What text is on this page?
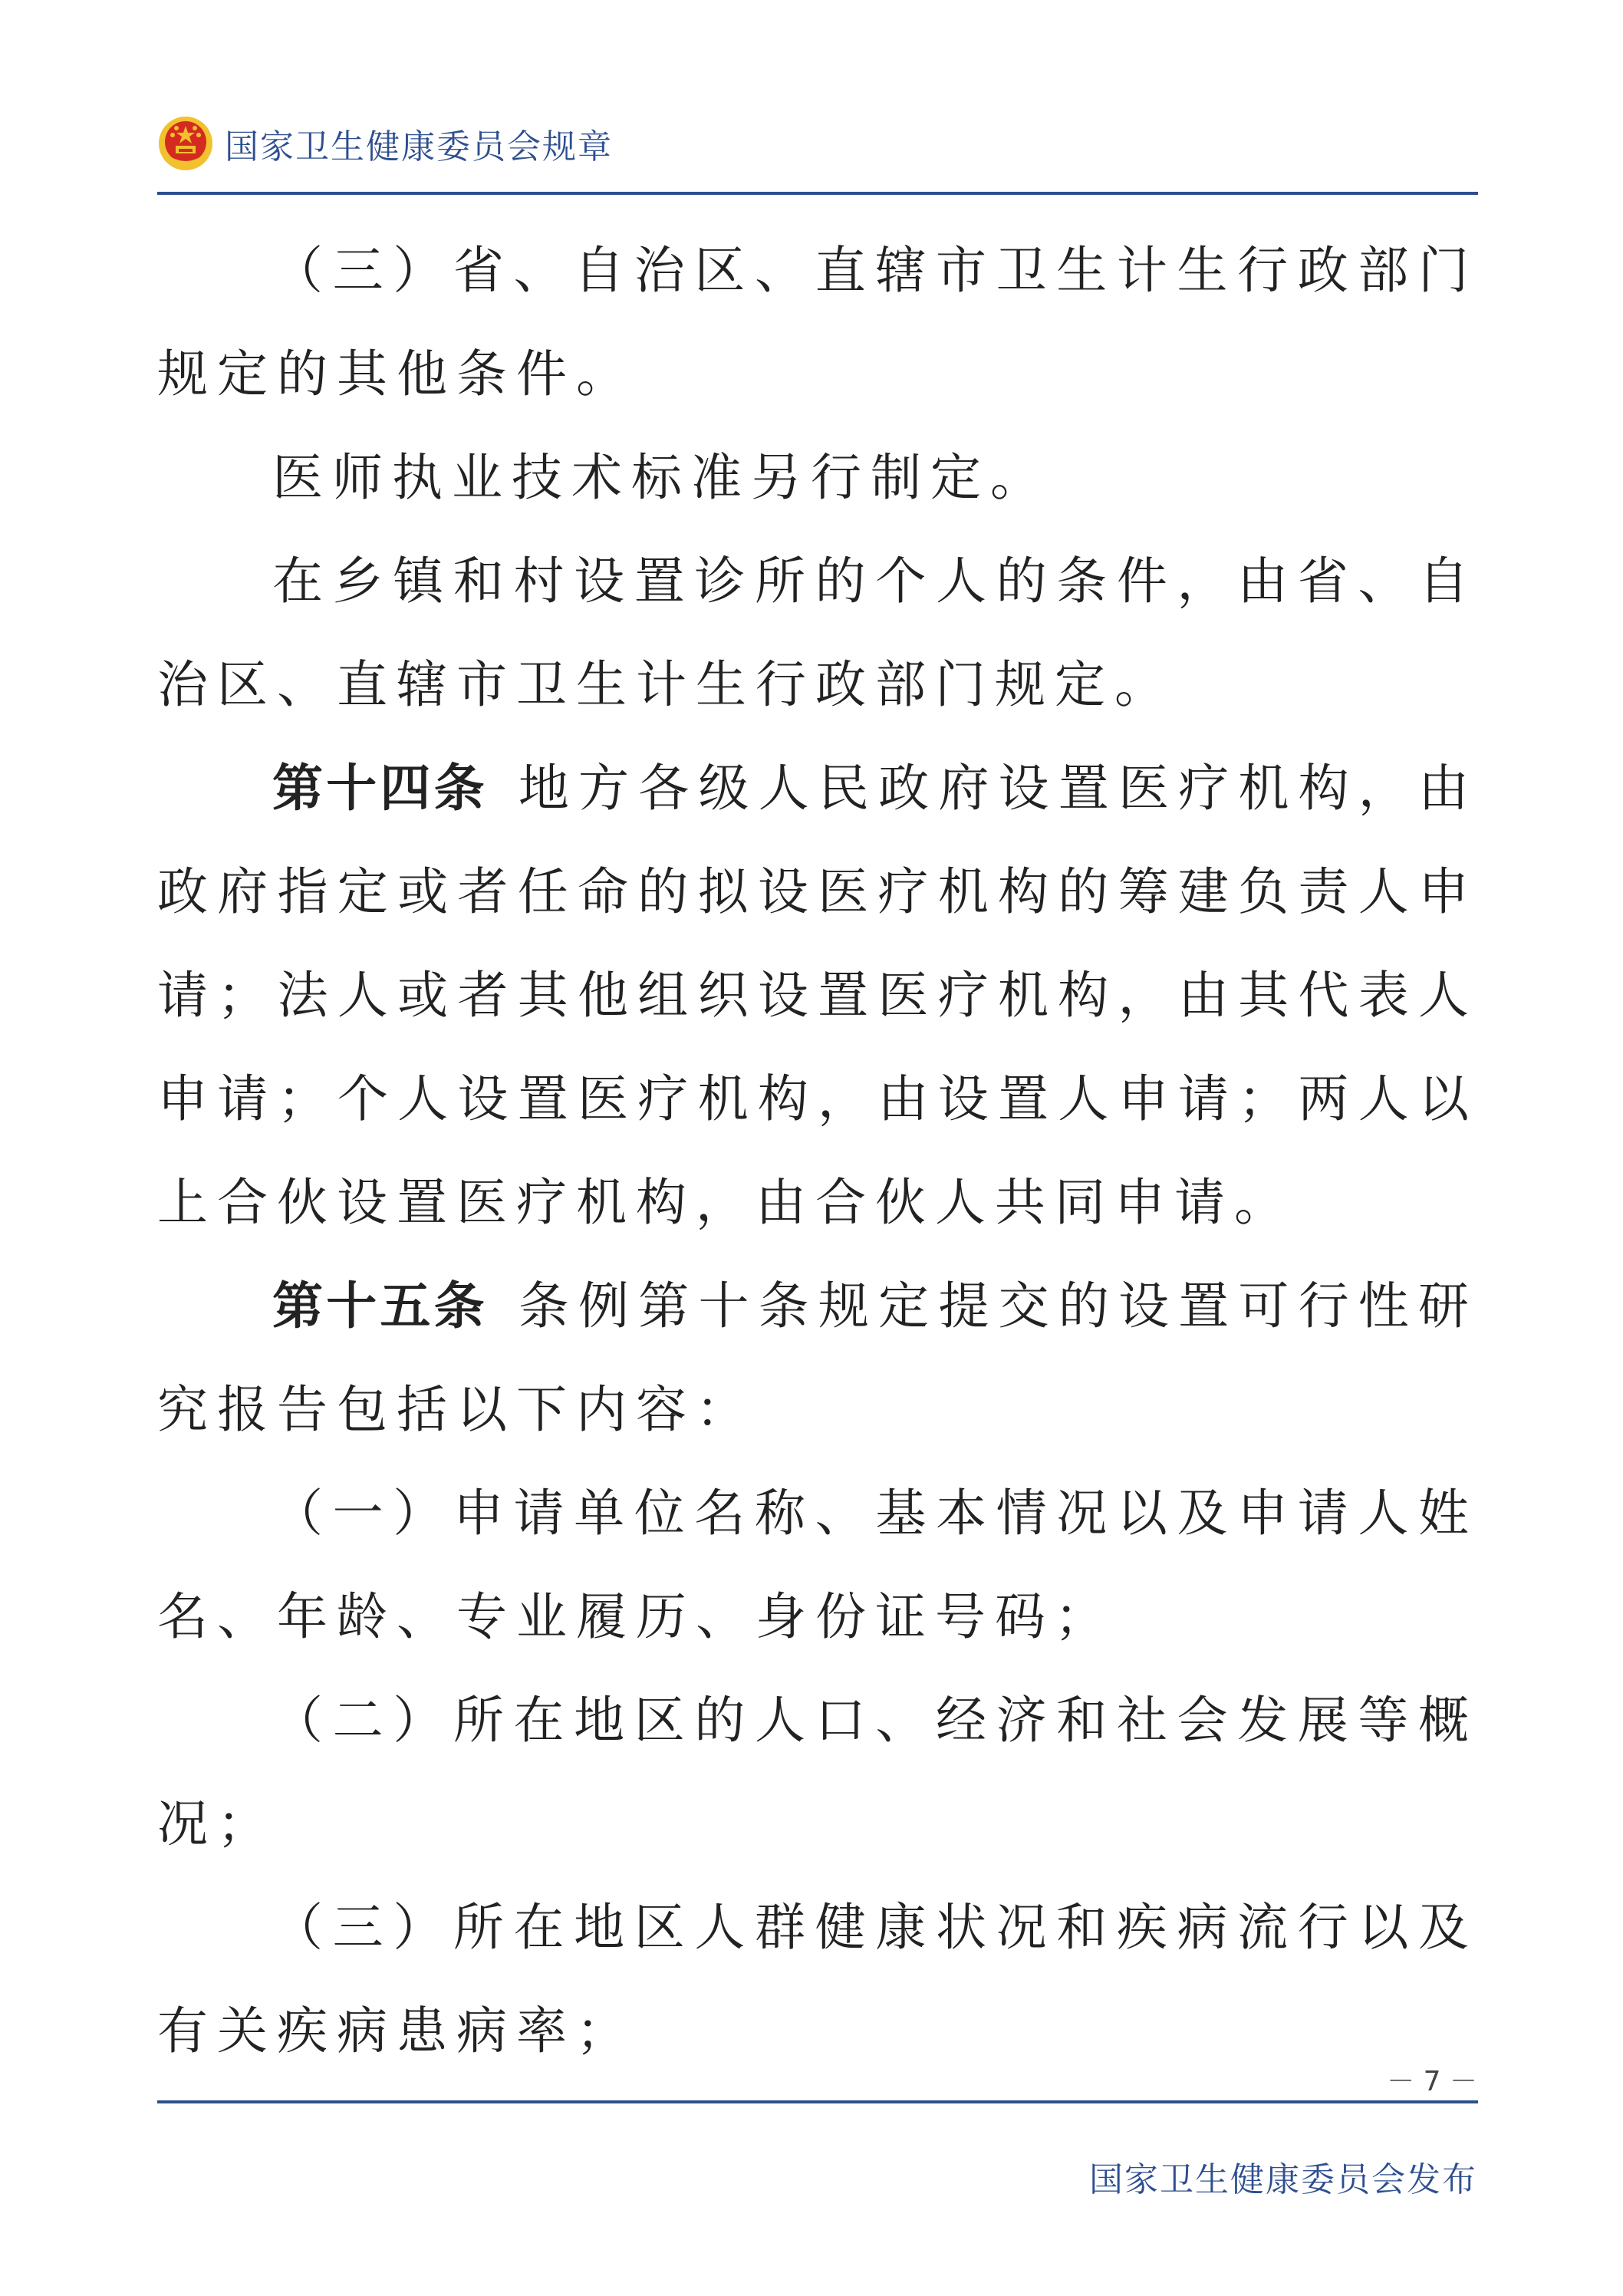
国家卫生健康委员会规章

（三）省、自治区、直辖市卫生计生行政部门规定的其他条件。

医师执业技术标准另行制定。

在乡镇和村设置诊所的个人的条件，由省、自治区、直辖市卫生计生行政部门规定。

第十四条 地方各级人民政府设置医疗机构，由政府指定或者任命的拟设医疗机构的筹建负责人申请；法人或者其他组织设置医疗机构，由其代表人申请；个人设置医疗机构，由设置人申请；两人以上合伙设置医疗机构，由合伙人共同申请。

第十五条 条例第十条规定提交的设置可行性研究报告包括以下内容：

（一）申请单位名称、基本情况以及申请人姓名、年龄、专业履历、身份证号码；

（二）所在地区的人口、经济和社会发展等概况；

（三）所在地区人群健康状况和疾病流行以及有关疾病患病率；

－ 7 －
国家卫生健康委员会发布
